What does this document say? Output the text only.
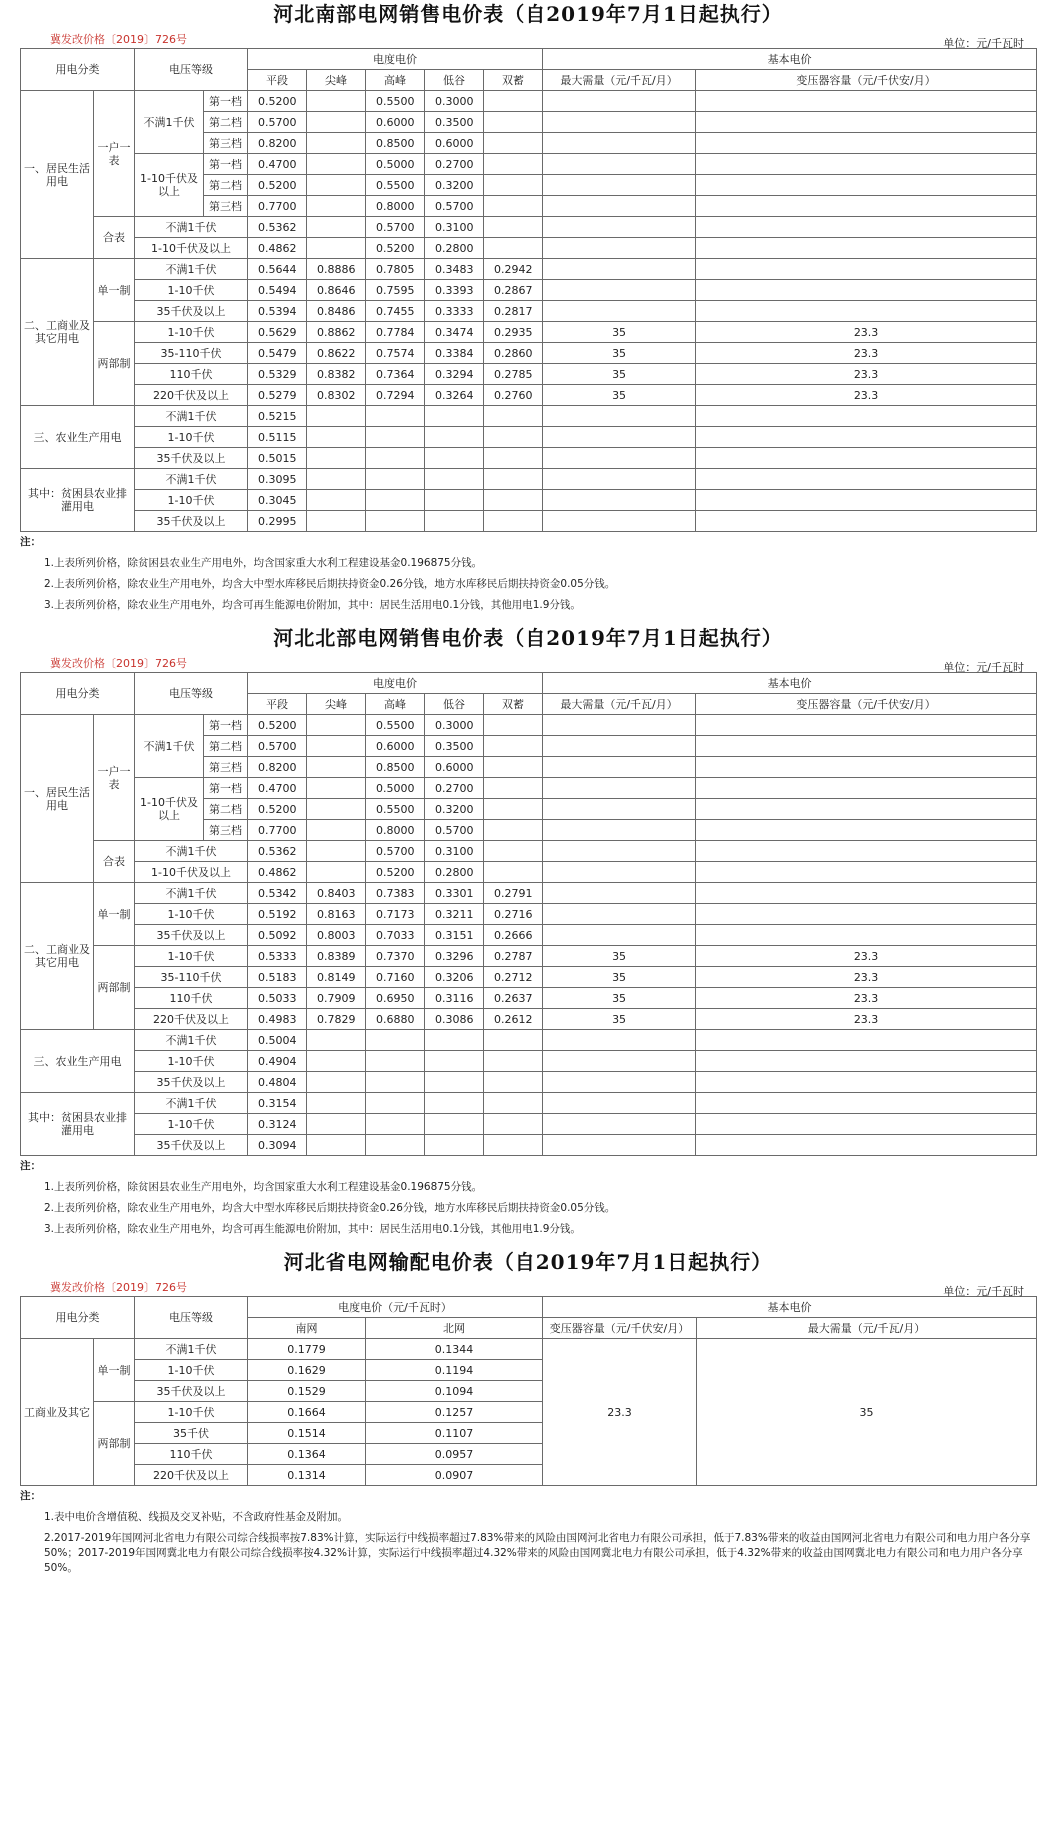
河北南部电网销售电价表（自2019年7月1日起执行）
冀发改价格〔2019〕726号	单位：元/千瓦时
用电分类		电压等级		电度电价					基本电价	
				平段	尖峰	高峰	低谷	双蓄	最大需量（元/千瓦/月）	变压器容量（元/千伏安/月）
一、居民生活用电	一户一表	不满1千伏	第一档	0.5200		0.5500	0.3000			
			第二档	0.5700		0.6000	0.3500			
			第三档	0.8200		0.8500	0.6000			
		1-10千伏及以上	第一档	0.4700		0.5000	0.2700			
			第二档	0.5200		0.5500	0.3200			
			第三档	0.7700		0.8000	0.5700			
	合表	不满1千伏		0.5362		0.5700	0.3100			
		1-10千伏及以上		0.4862		0.5200	0.2800			
二、工商业及其它用电	单一制	不满1千伏		0.5644	0.8886	0.7805	0.3483	0.2942		
		1-10千伏		0.5494	0.8646	0.7595	0.3393	0.2867		
		35千伏及以上		0.5394	0.8486	0.7455	0.3333	0.2817		
	两部制	1-10千伏		0.5629	0.8862	0.7784	0.3474	0.2935	35	23.3
		35-110千伏		0.5479	0.8622	0.7574	0.3384	0.2860	35	23.3
		110千伏		0.5329	0.8382	0.7364	0.3294	0.2785	35	23.3
		220千伏及以上		0.5279	0.8302	0.7294	0.3264	0.2760	35	23.3
三、农业生产用电		不满1千伏		0.5215						
		1-10千伏		0.5115						
		35千伏及以上		0.5015						
其中：贫困县农业排灌用电		不满1千伏		0.3095						
		1-10千伏		0.3045						
		35千伏及以上		0.2995						
注：
1.上表所列价格，除贫困县农业生产用电外，均含国家重大水利工程建设基金0.196875分钱。
2.上表所列价格，除农业生产用电外，均含大中型水库移民后期扶持资金0.26分钱，地方水库移民后期扶持资金0.05分钱。
3.上表所列价格，除农业生产用电外，均含可再生能源电价附加，其中：居民生活用电0.1分钱，其他用电1.9分钱。
河北北部电网销售电价表（自2019年7月1日起执行）
冀发改价格〔2019〕726号	单位：元/千瓦时
用电分类		电压等级		电度电价					基本电价	
				平段	尖峰	高峰	低谷	双蓄	最大需量（元/千瓦/月）	变压器容量（元/千伏安/月）
一、居民生活用电	一户一表	不满1千伏	第一档	0.5200		0.5500	0.3000			
			第二档	0.5700		0.6000	0.3500			
			第三档	0.8200		0.8500	0.6000			
		1-10千伏及以上	第一档	0.4700		0.5000	0.2700			
			第二档	0.5200		0.5500	0.3200			
			第三档	0.7700		0.8000	0.5700			
	合表	不满1千伏		0.5362		0.5700	0.3100			
		1-10千伏及以上		0.4862		0.5200	0.2800			
二、工商业及其它用电	单一制	不满1千伏		0.5342	0.8403	0.7383	0.3301	0.2791		
		1-10千伏		0.5192	0.8163	0.7173	0.3211	0.2716		
		35千伏及以上		0.5092	0.8003	0.7033	0.3151	0.2666		
	两部制	1-10千伏		0.5333	0.8389	0.7370	0.3296	0.2787	35	23.3
		35-110千伏		0.5183	0.8149	0.7160	0.3206	0.2712	35	23.3
		110千伏		0.5033	0.7909	0.6950	0.3116	0.2637	35	23.3
		220千伏及以上		0.4983	0.7829	0.6880	0.3086	0.2612	35	23.3
三、农业生产用电		不满1千伏		0.5004						
		1-10千伏		0.4904						
		35千伏及以上		0.4804						
其中：贫困县农业排灌用电		不满1千伏		0.3154						
		1-10千伏		0.3124						
		35千伏及以上		0.3094						
注：
1.上表所列价格，除贫困县农业生产用电外，均含国家重大水利工程建设基金0.196875分钱。
2.上表所列价格，除农业生产用电外，均含大中型水库移民后期扶持资金0.26分钱，地方水库移民后期扶持资金0.05分钱。
3.上表所列价格，除农业生产用电外，均含可再生能源电价附加，其中：居民生活用电0.1分钱，其他用电1.9分钱。
河北省电网输配电价表（自2019年7月1日起执行）
冀发改价格〔2019〕726号	单位：元/千瓦时
用电分类		电压等级	电度电价（元/千瓦时）		基本电价	
			南网	北网	变压器容量（元/千伏安/月）	最大需量（元/千瓦/月）
工商业及其它	单一制	不满1千伏	0.1779	0.1344	23.3	35
		1-10千伏	0.1629	0.1194		
		35千伏及以上	0.1529	0.1094		
	两部制	1-10千伏	0.1664	0.1257		
		35千伏	0.1514	0.1107		
		110千伏	0.1364	0.0957		
		220千伏及以上	0.1314	0.0907		
注：
1.表中电价含增值税、线损及交叉补贴，不含政府性基金及附加。
2.2017-2019年国网河北省电力有限公司综合线损率按7.83%计算，实际运行中线损率超过7.83%带来的风险由国网河北省电力有限公司承担，低于7.83%带来的收益由国网河北省电力有限公司和电力用户各分享50%；2017-2019年国网冀北电力有限公司综合线损率按4.32%计算，实际运行中线损率超过4.32%带来的风险由国网冀北电力有限公司承担，低于4.32%带来的收益由国网冀北电力有限公司和电力用户各分享50%。
